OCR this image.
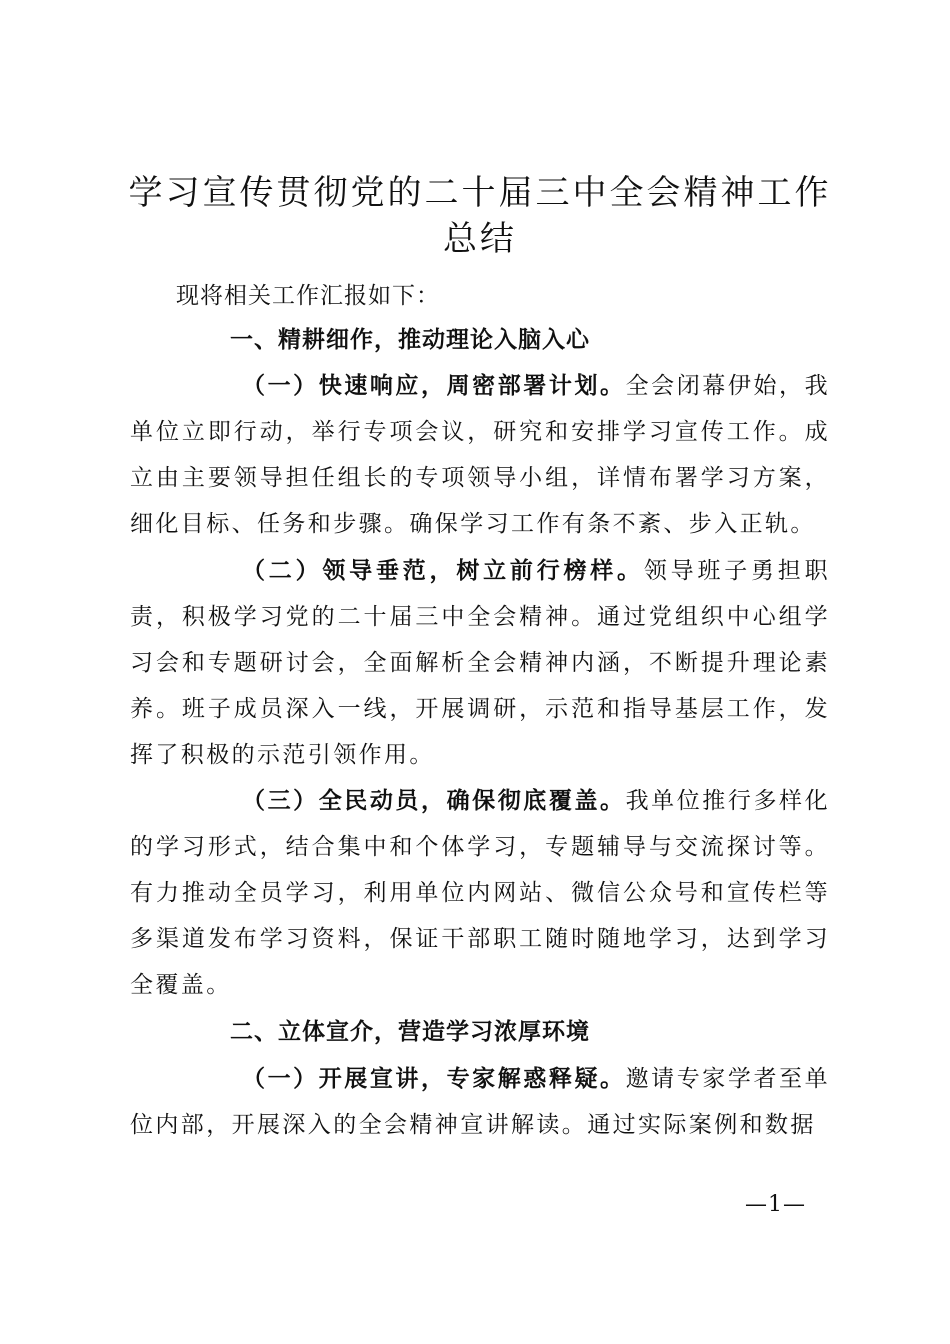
学习宣传贯彻党的二十届三中全会精神工作总结
现将相关工作汇报如下：
一、精耕细作，推动理论入脑入心

（一）快速响应，周密部署计划。全会闭幕伊始，我单位立即行动，举行专项会议，研究和安排学习宣传工作。成立由主要领导担任组长的专项领导小组，详情布署学习方案，细化目标、任务和步骤。确保学习工作有条不紊、步入正轨。

（二）领导垂范，树立前行榜样。领导班子勇担职责，积极学习党的二十届三中全会精神。通过党组织中心组学习会和专题研讨会，全面解析全会精神内涵，不断提升理论素养。班子成员深入一线，开展调研，示范和指导基层工作，发挥了积极的示范引领作用。

（三）全民动员，确保彻底覆盖。我单位推行多样化的学习形式，结合集中和个体学习，专题辅导与交流探讨等。有力推动全员学习，利用单位内网站、微信公众号和宣传栏等多渠道发布学习资料，保证干部职工随时随地学习，达到学习全覆盖。

二、立体宣介，营造学习浓厚环境

（一）开展宣讲，专家解惑释疑。邀请专家学者至单位内部，开展深入的全会精神宣讲解读。通过实际案例和数据

—1—
